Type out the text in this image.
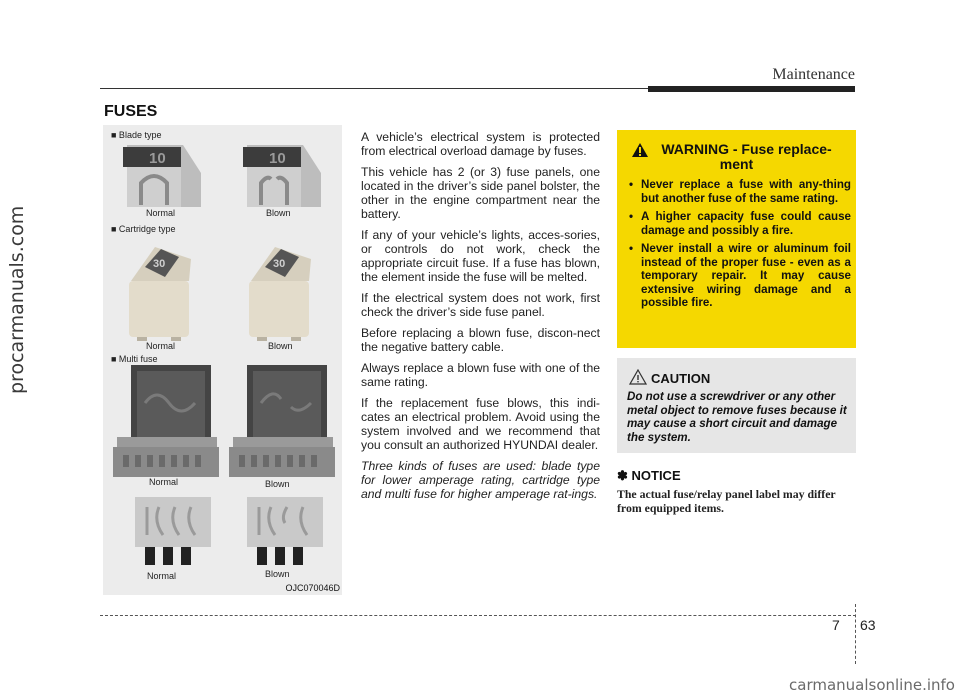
procarmanuals.com
Maintenance
FUSES
■ Blade type
10	10
Normal	Blown
■ Cartridge type
30	30
Normal	Blown
■ Multi fuse
Normal	Blown
Normal	Blown
OJC070046D

A vehicle’s electrical system is protected from electrical overload damage by fuses.

This vehicle has 2 (or 3) fuse panels, one located in the driver’s side panel bolster, the other in the engine compartment near the battery.

If any of your vehicle’s lights, acces-sories, or controls do not work, check the appropriate circuit fuse. If a fuse has blown, the element inside the fuse will be melted.

If the electrical system does not work, first check the driver’s side fuse panel.

Before replacing a blown fuse, discon-nect the negative battery cable.

Always replace a blown fuse with one of the same rating.

If the replacement fuse blows, this indi-cates an electrical problem. Avoid using the system involved and we recommend that you consult an authorized HYUNDAI dealer.

Three kinds of fuses are used: blade type for lower amperage rating, cartridge type and multi fuse for higher amperage rat-ings.

WARNING - Fuse replace-
ment
• Never replace a fuse with any-thing but another fuse of the same rating.
• A higher capacity fuse could cause damage and possibly a fire.
• Never install a wire or aluminum foil instead of the proper fuse - even as a temporary repair. It may cause extensive wiring damage and a possible fire.
CAUTION
Do not use a screwdriver or any other metal object to remove fuses because it may cause a short circuit and damage the system.
✽ NOTICE
The actual fuse/relay panel label may differ from equipped items.
7 63
carmanualsonline.info
